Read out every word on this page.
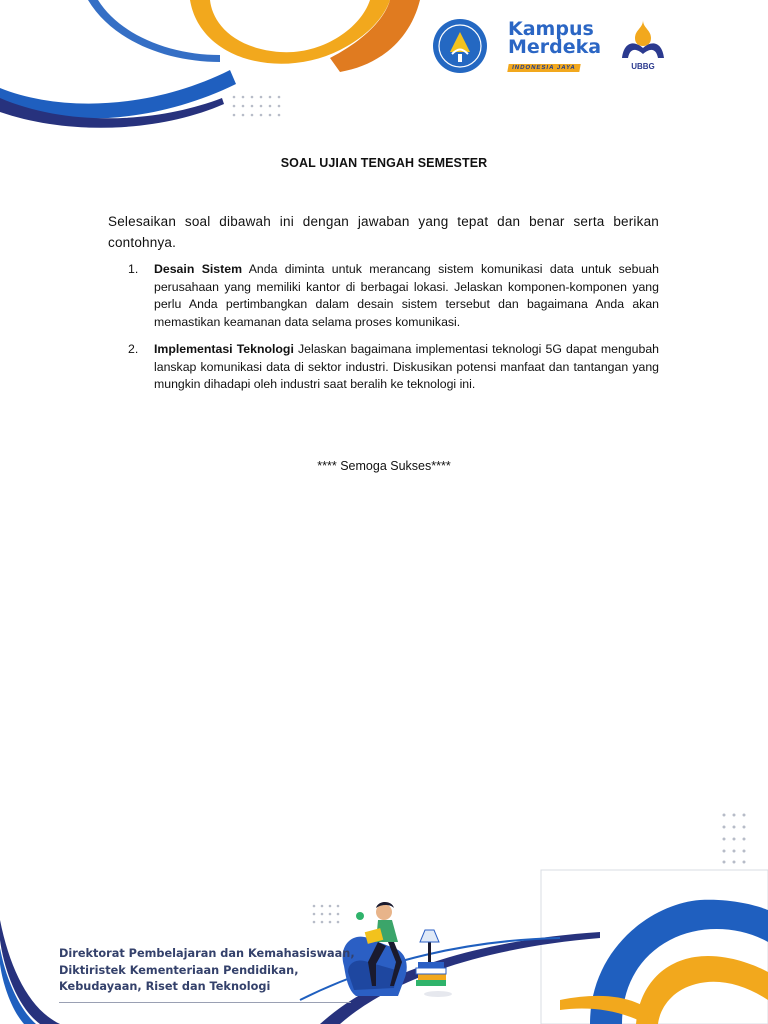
Kampus
Merdeka
INDONESIA JAYA	UBBG
SOAL UJIAN TENGAH SEMESTER
Selesaikan soal dibawah ini dengan jawaban yang tepat dan benar serta berikan contohnya.
1. Desain Sistem Anda diminta untuk merancang sistem komunikasi data untuk sebuah perusahaan yang memiliki kantor di berbagai lokasi. Jelaskan komponen-komponen yang perlu Anda pertimbangkan dalam desain sistem tersebut dan bagaimana Anda akan memastikan keamanan data selama proses komunikasi.
2. Implementasi Teknologi Jelaskan bagaimana implementasi teknologi 5G dapat mengubah lanskap komunikasi data di sektor industri. Diskusikan potensi manfaat dan tantangan yang mungkin dihadapi oleh industri saat beralih ke teknologi ini.
**** Semoga Sukses****
Direktorat Pembelajaran dan Kemahasiswaan,
Diktiristek Kementeriaan Pendidikan,
Kebudayaan, Riset dan Teknologi
